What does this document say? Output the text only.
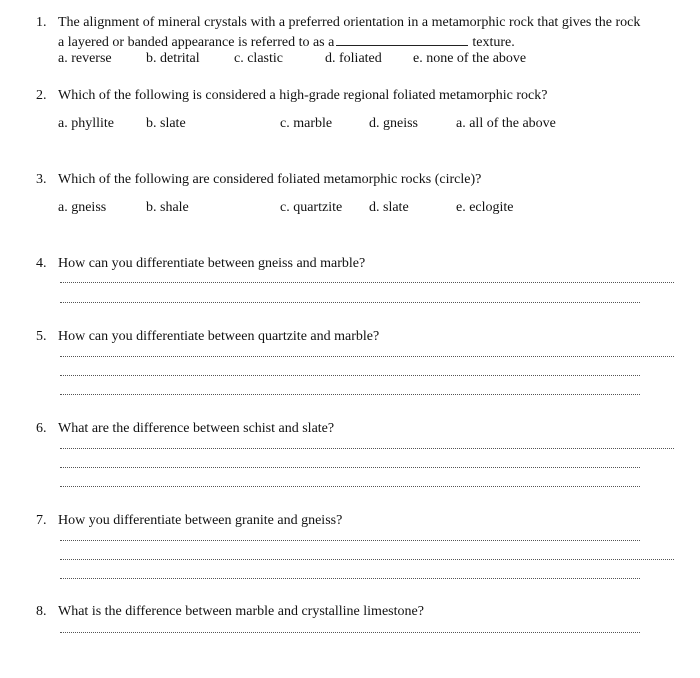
1. The alignment of mineral crystals with a preferred orientation in a metamorphic rock that gives the rock
a layered or banded appearance is referred to as a	texture.
a. reverse b. detrital c. clastic	d. foliated e. none of the above
2. Which of the following is considered a high-grade regional foliated metamorphic rock?
a. phyllite b. slate	c. marble	d. gneiss	a. all of the above
3. Which of the following are considered foliated metamorphic rocks (circle)?
a. gneiss	b. shale	c. quartzite d. slate	e. eclogite
4. How can you differentiate between gneiss and marble?
5. How can you differentiate between quartzite and marble?
6. What are the difference between schist and slate?
7. How you differentiate between granite and gneiss?
8. What is the difference between marble and crystalline limestone?
